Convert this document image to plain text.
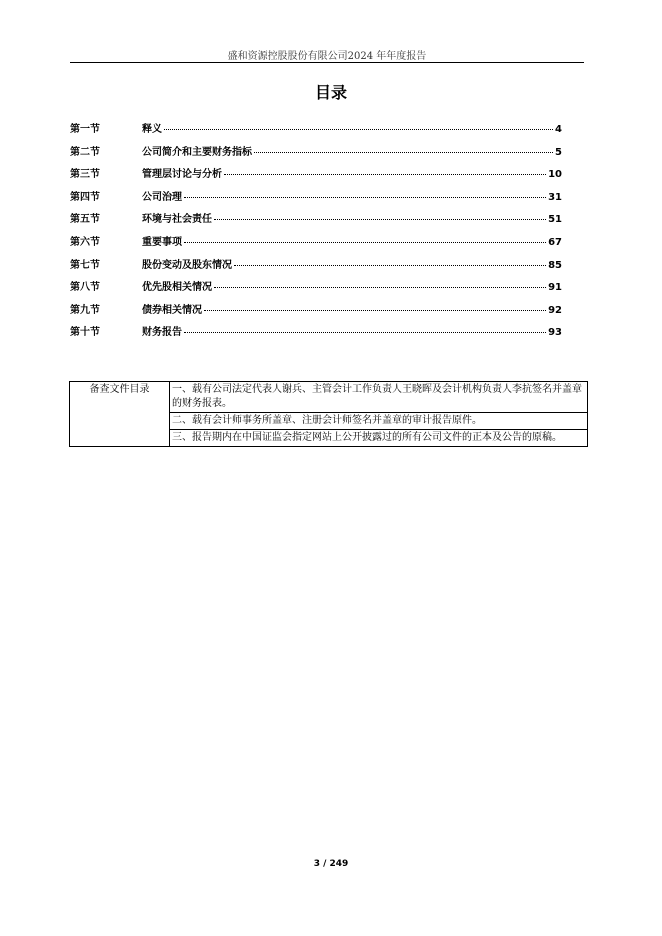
盛和资源控股股份有限公司2024 年年度报告
目录
第一节	释义	4
第二节	公司简介和主要财务指标	5
第三节	管理层讨论与分析	10
第四节	公司治理	31
第五节	环境与社会责任	51
第六节	重要事项	67
第七节	股份变动及股东情况	85
第八节	优先股相关情况	91
第九节	债券相关情况	92
第十节	财务报告	93
备查文件目录	一、载有公司法定代表人谢兵、主管会计工作负责人王晓晖及会计机构负责人李抗签名并盖章的财务报表。
二、载有会计师事务所盖章、注册会计师签名并盖章的审计报告原件。
三、报告期内在中国证监会指定网站上公开披露过的所有公司文件的正本及公告的原稿。
3 / 249
